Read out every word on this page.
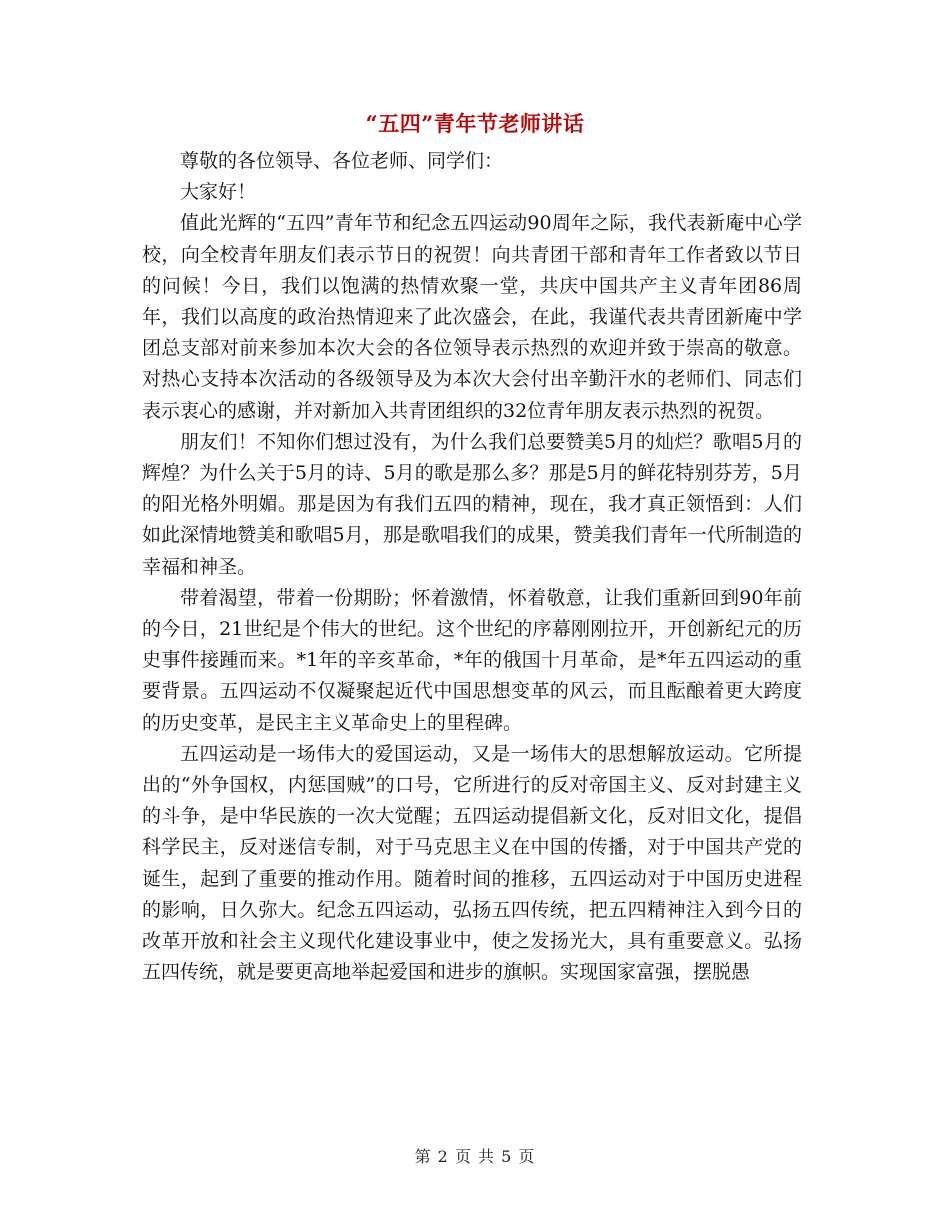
“五四”青年节老师讲话

尊敬的各位领导、各位老师、同学们：

大家好！

值此光辉的“五四”青年节和纪念五四运动90周年之际，我代表新庵中心学校，向全校青年朋友们表示节日的祝贺！向共青团干部和青年工作者致以节日的问候！今日，我们以饱满的热情欢聚一堂，共庆中国共产主义青年团86周年，我们以高度的政治热情迎来了此次盛会，在此，我谨代表共青团新庵中学团总支部对前来参加本次大会的各位领导表示热烈的欢迎并致于崇高的敬意。对热心支持本次活动的各级领导及为本次大会付出辛勤汗水的老师们、同志们表示衷心的感谢，并对新加入共青团组织的32位青年朋友表示热烈的祝贺。

朋友们！不知你们想过没有，为什么我们总要赞美5月的灿烂？歌唱5月的辉煌？为什么关于5月的诗、5月的歌是那么多？那是5月的鲜花特别芬芳，5月的阳光格外明媚。那是因为有我们五四的精神，现在，我才真正领悟到：人们如此深情地赞美和歌唱5月，那是歌唱我们的成果，赞美我们青年一代所制造的幸福和神圣。

带着渴望，带着一份期盼；怀着激情，怀着敬意，让我们重新回到90年前的今日，21世纪是个伟大的世纪。这个世纪的序幕刚刚拉开，开创新纪元的历史事件接踵而来。*1年的辛亥革命，*年的俄国十月革命，是*年五四运动的重要背景。五四运动不仅凝聚起近代中国思想变革的风云，而且酝酿着更大跨度的历史变革，是民主主义革命史上的里程碑。

五四运动是一场伟大的爱国运动，又是一场伟大的思想解放运动。它所提出的“外争国权，内惩国贼”的口号，它所进行的反对帝国主义、反对封建主义的斗争，是中华民族的一次大觉醒；五四运动提倡新文化，反对旧文化，提倡科学民主，反对迷信专制，对于马克思主义在中国的传播，对于中国共产党的诞生，起到了重要的推动作用。随着时间的推移，五四运动对于中国历史进程的影响，日久弥大。纪念五四运动，弘扬五四传统，把五四精神注入到今日的改革开放和社会主义现代化建设事业中，使之发扬光大，具有重要意义。弘扬五四传统，就是要更高地举起爱国和进步的旗帜。实现国家富强，摆脱愚

第 2 页 共 5 页
